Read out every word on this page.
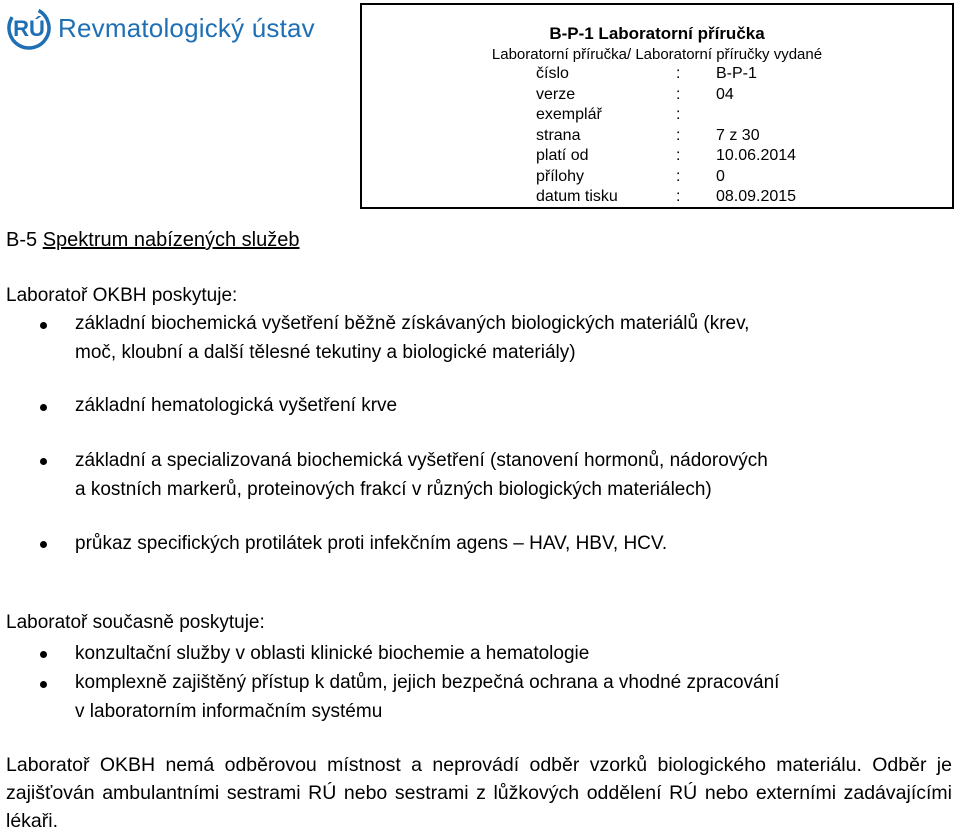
RÚ Revmatologický ústav	B-P-1 Laboratorní příručka
Laboratorní příručka/ Laboratorní příručky vydané
číslo	: B-P-1
verze	: 04
exemplář	:
strana	: 7 z 30
platí od	: 10.06.2014
přílohy	: 0
datum tisku	: 08.09.2015
B-5 Spektrum nabízených služeb
Laboratoř OKBH poskytuje:
základní biochemická vyšetření běžně získávaných biologických materiálů (krev,
moč, kloubní a další tělesné tekutiny a biologické materiály)
základní hematologická vyšetření krve
základní a specializovaná biochemická vyšetření (stanovení hormonů, nádorových
a kostních markerů, proteinových frakcí v různých biologických materiálech)
průkaz specifických protilátek proti infekčním agens – HAV, HBV, HCV.
Laboratoř současně poskytuje:
konzultační služby v oblasti klinické biochemie a hematologie
komplexně zajištěný přístup k datům, jejich bezpečná ochrana a vhodné zpracování
v laboratorním informačním systému
Laboratoř OKBH nemá odběrovou místnost a neprovádí odběr vzorků biologického materiálu. Odběr je zajišťován ambulantními sestrami RÚ nebo sestrami z lůžkových oddělení RÚ nebo externími zadávajícími lékaři.
